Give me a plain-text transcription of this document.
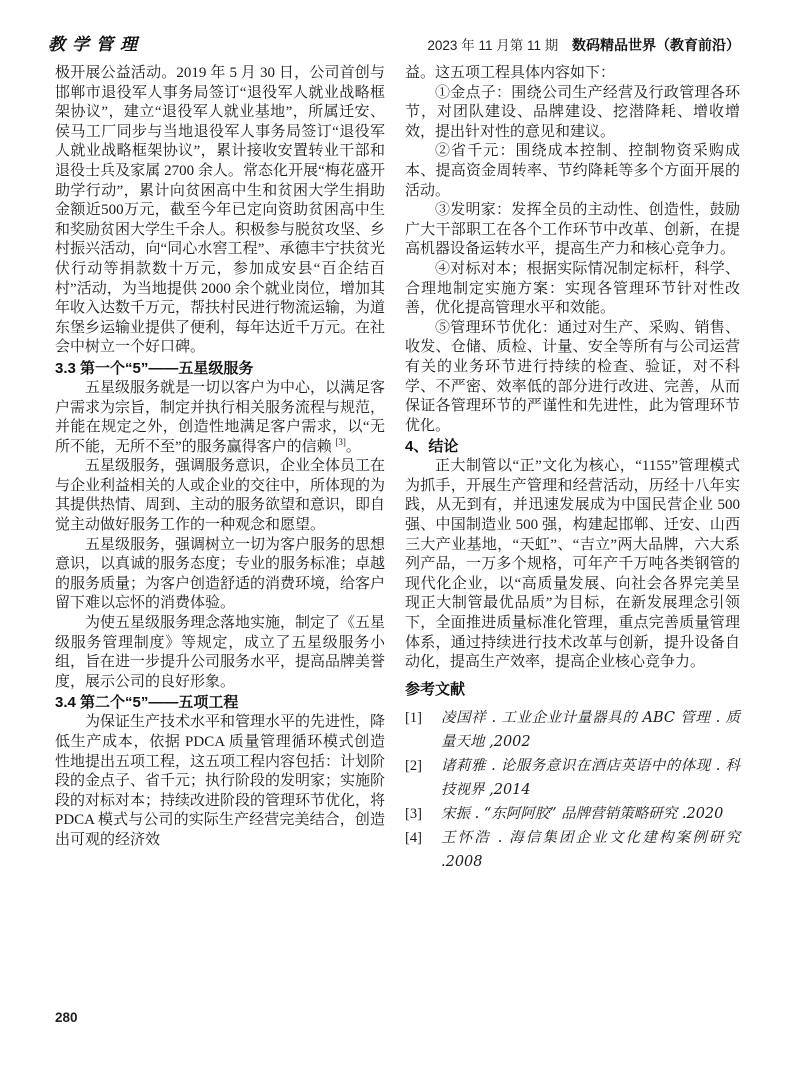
教学管理	2023 年 11 月第 11 期 数码精品世界（教育前沿）

极开展公益活动。2019 年 5 月 30 日，公司首创与邯郸市退役军人事务局签订“退役军人就业战略框架协议”，建立“退役军人就业基地”，所属迁安、侯马工厂同步与当地退役军人事务局签订“退役军人就业战略框架协议”，累计接收安置转业干部和退役士兵及家属 2700 余人。常态化开展“梅花盛开助学行动”，累计向贫困高中生和贫困大学生捐助金额近500万元，截至今年已定向资助贫困高中生和奖励贫困大学生千余人。积极参与脱贫攻坚、乡村振兴活动，向“同心水窖工程”、承德丰宁扶贫光伏行动等捐款数十万元，参加成安县“百企结百村”活动，为当地提供 2000 余个就业岗位，增加其年收入达数千万元，帮扶村民进行物流运输，为道东堡乡运输业提供了便利，每年达近千万元。在社会中树立一个好口碑。

3.3 第一个“5”——五星级服务

五星级服务就是一切以客户为中心，以满足客户需求为宗旨，制定并执行相关服务流程与规范，并能在规定之外，创造性地满足客户需求，以“无所不能，无所不至”的服务赢得客户的信赖 [3]。

五星级服务，强调服务意识，企业全体员工在与企业利益相关的人或企业的交往中，所体现的为其提供热情、周到、主动的服务欲望和意识，即自觉主动做好服务工作的一种观念和愿望。

五星级服务，强调树立一切为客户服务的思想意识，以真诚的服务态度；专业的服务标准；卓越的服务质量；为客户创造舒适的消费环境，给客户留下难以忘怀的消费体验。

为使五星级服务理念落地实施，制定了《五星级服务管理制度》等规定，成立了五星级服务小组，旨在进一步提升公司服务水平，提高品牌美誉度，展示公司的良好形象。

3.4 第二个“5”——五项工程

为保证生产技术水平和管理水平的先进性，降低生产成本，依据 PDCA 质量管理循环模式创造性地提出五项工程，这五项工程内容包括：计划阶段的金点子、省千元；执行阶段的发明家；实施阶段的对标对本；持续改进阶段的管理环节优化，将 PDCA 模式与公司的实际生产经营完美结合，创造出可观的经济效

益。这五项工程具体内容如下：

①金点子：围绕公司生产经营及行政管理各环节，对团队建设、品牌建设、挖潜降耗、增收增效，提出针对性的意见和建议。

②省千元：围绕成本控制、控制物资采购成本、提高资金周转率、节约降耗等多个方面开展的活动。

③发明家：发挥全员的主动性、创造性，鼓励广大干部职工在各个工作环节中改革、创新，在提高机器设备运转水平，提高生产力和核心竞争力。

④对标对本；根据实际情况制定标杆，科学、合理地制定实施方案：实现各管理环节针对性改善，优化提高管理水平和效能。

⑤管理环节优化：通过对生产、采购、销售、收发、仓储、质检、计量、安全等所有与公司运营有关的业务环节进行持续的检查、验证，对不科学、不严密、效率低的部分进行改进、完善，从而保证各管理环节的严谨性和先进性，此为管理环节优化。

4、结论

正大制管以“正”文化为核心，“1155”管理模式为抓手，开展生产管理和经营活动，历经十八年实践，从无到有，并迅速发展成为中国民营企业 500 强、中国制造业 500 强，构建起邯郸、迁安、山西三大产业基地，“天虹”、“吉立”两大品牌，六大系列产品，一万多个规格，可年产千万吨各类钢管的现代化企业，以“高质量发展、向社会各界完美呈现正大制管最优品质”为目标，在新发展理念引领下，全面推进质量标准化管理，重点完善质量管理体系，通过持续进行技术改革与创新，提升设备自动化，提高生产效率，提高企业核心竞争力。

参考文献
[1]	凌国祥 . 工业企业计量器具的 ABC 管理 . 质量天地 ,2002
[2]	诸莉雅 . 论服务意识在酒店英语中的体现 . 科技视界 ,2014
[3]	宋振 . “东阿阿胶” 品牌营销策略研究 .2020
[4]	王怀浩 . 海信集团企业文化建构案例研究 .2008
280
